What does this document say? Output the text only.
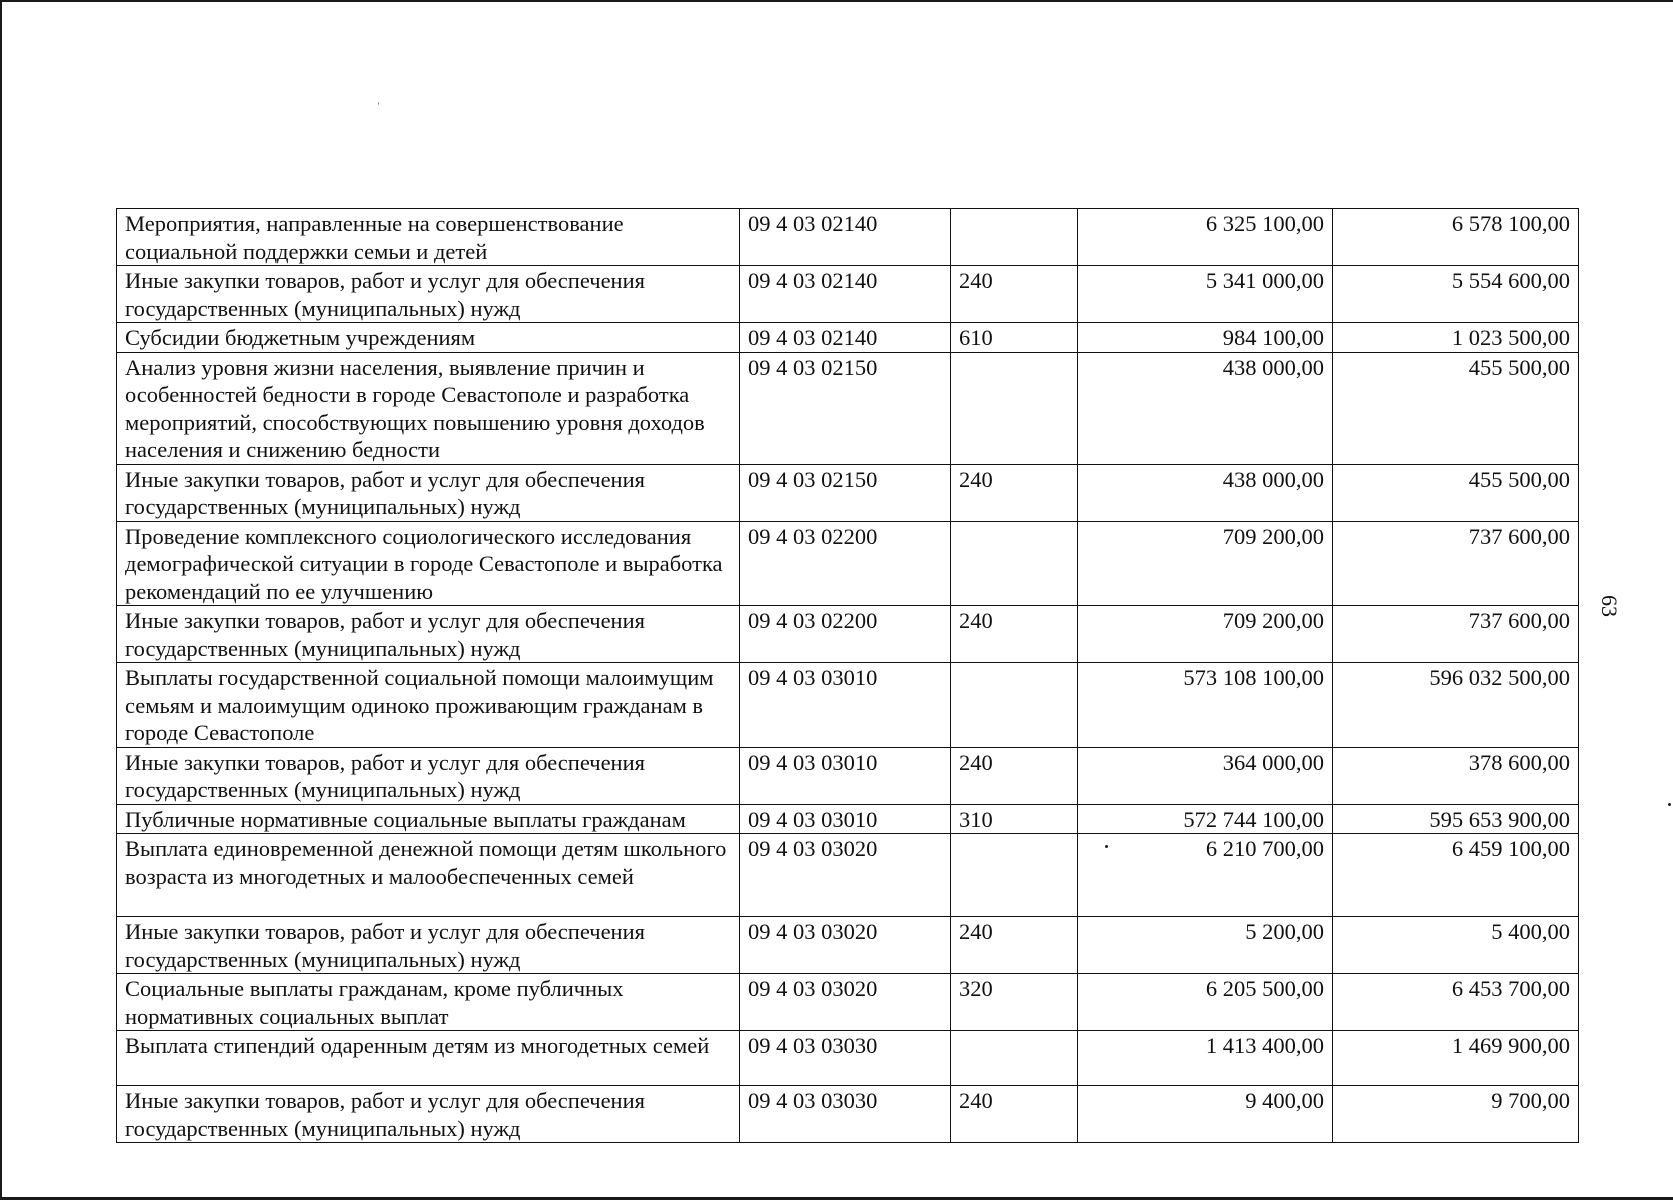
63
Мероприятия, направленные на совершенствование социальной поддержки семьи и детей	09 4 03 02140		6 325 100,00	6 578 100,00
Иные закупки товаров, работ и услуг для обеспечения государственных (муниципальных) нужд	09 4 03 02140	240	5 341 000,00	5 554 600,00
Субсидии бюджетным учреждениям	09 4 03 02140	610	984 100,00	1 023 500,00
Анализ уровня жизни населения, выявление причин и особенностей бедности в городе Севастополе и разработка мероприятий, способствующих повышению уровня доходов населения и снижению бедности	09 4 03 02150		438 000,00	455 500,00
Иные закупки товаров, работ и услуг для обеспечения государственных (муниципальных) нужд	09 4 03 02150	240	438 000,00	455 500,00
Проведение комплексного социологического исследования демографической ситуации в городе Севастополе и выработка рекомендаций по ее улучшению	09 4 03 02200		709 200,00	737 600,00
Иные закупки товаров, работ и услуг для обеспечения государственных (муниципальных) нужд	09 4 03 02200	240	709 200,00	737 600,00
Выплаты государственной социальной помощи малоимущим семьям и малоимущим одиноко проживающим гражданам в городе Севастополе	09 4 03 03010		573 108 100,00	596 032 500,00
Иные закупки товаров, работ и услуг для обеспечения государственных (муниципальных) нужд	09 4 03 03010	240	364 000,00	378 600,00
Публичные нормативные социальные выплаты гражданам	09 4 03 03010	310	572 744 100,00	595 653 900,00
Выплата единовременной денежной помощи детям школьного возраста из многодетных и малообеспеченных семей	09 4 03 03020		6 210 700,00	6 459 100,00
Иные закупки товаров, работ и услуг для обеспечения государственных (муниципальных) нужд	09 4 03 03020	240	5 200,00	5 400,00
Социальные выплаты гражданам, кроме публичных нормативных социальных выплат	09 4 03 03020	320	6 205 500,00	6 453 700,00
Выплата стипендий одаренным детям из многодетных семей	09 4 03 03030		1 413 400,00	1 469 900,00
Иные закупки товаров, работ и услуг для обеспечения государственных (муниципальных) нужд	09 4 03 03030	240	9 400,00	9 700,00
